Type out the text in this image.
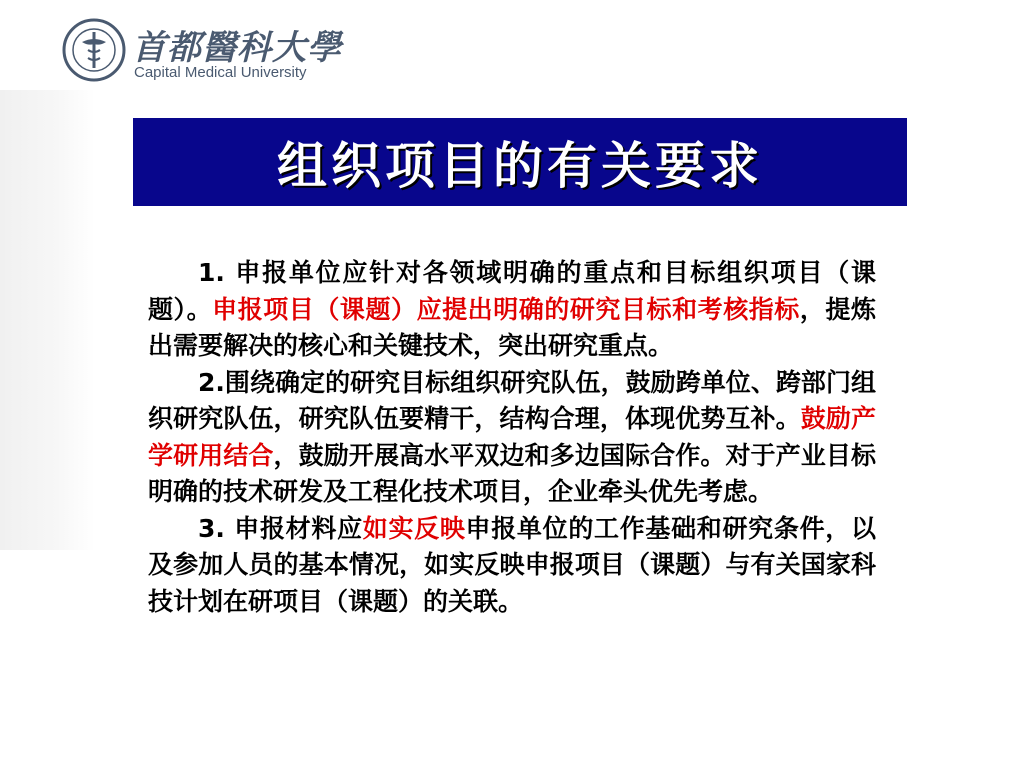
首都醫科大學
Capital Medical University
组织项目的有关要求

1. 申报单位应针对各领域明确的重点和目标组织项目（课题）。申报项目（课题）应提出明确的研究目标和考核指标，提炼出需要解决的核心和关键技术，突出研究重点。

2.围绕确定的研究目标组织研究队伍，鼓励跨单位、跨部门组织研究队伍，研究队伍要精干，结构合理，体现优势互补。鼓励产学研用结合，鼓励开展高水平双边和多边国际合作。对于产业目标明确的技术研发及工程化技术项目，企业牵头优先考虑。

3. 申报材料应如实反映申报单位的工作基础和研究条件，以及参加人员的基本情况，如实反映申报项目（课题）与有关国家科技计划在研项目（课题）的关联。
